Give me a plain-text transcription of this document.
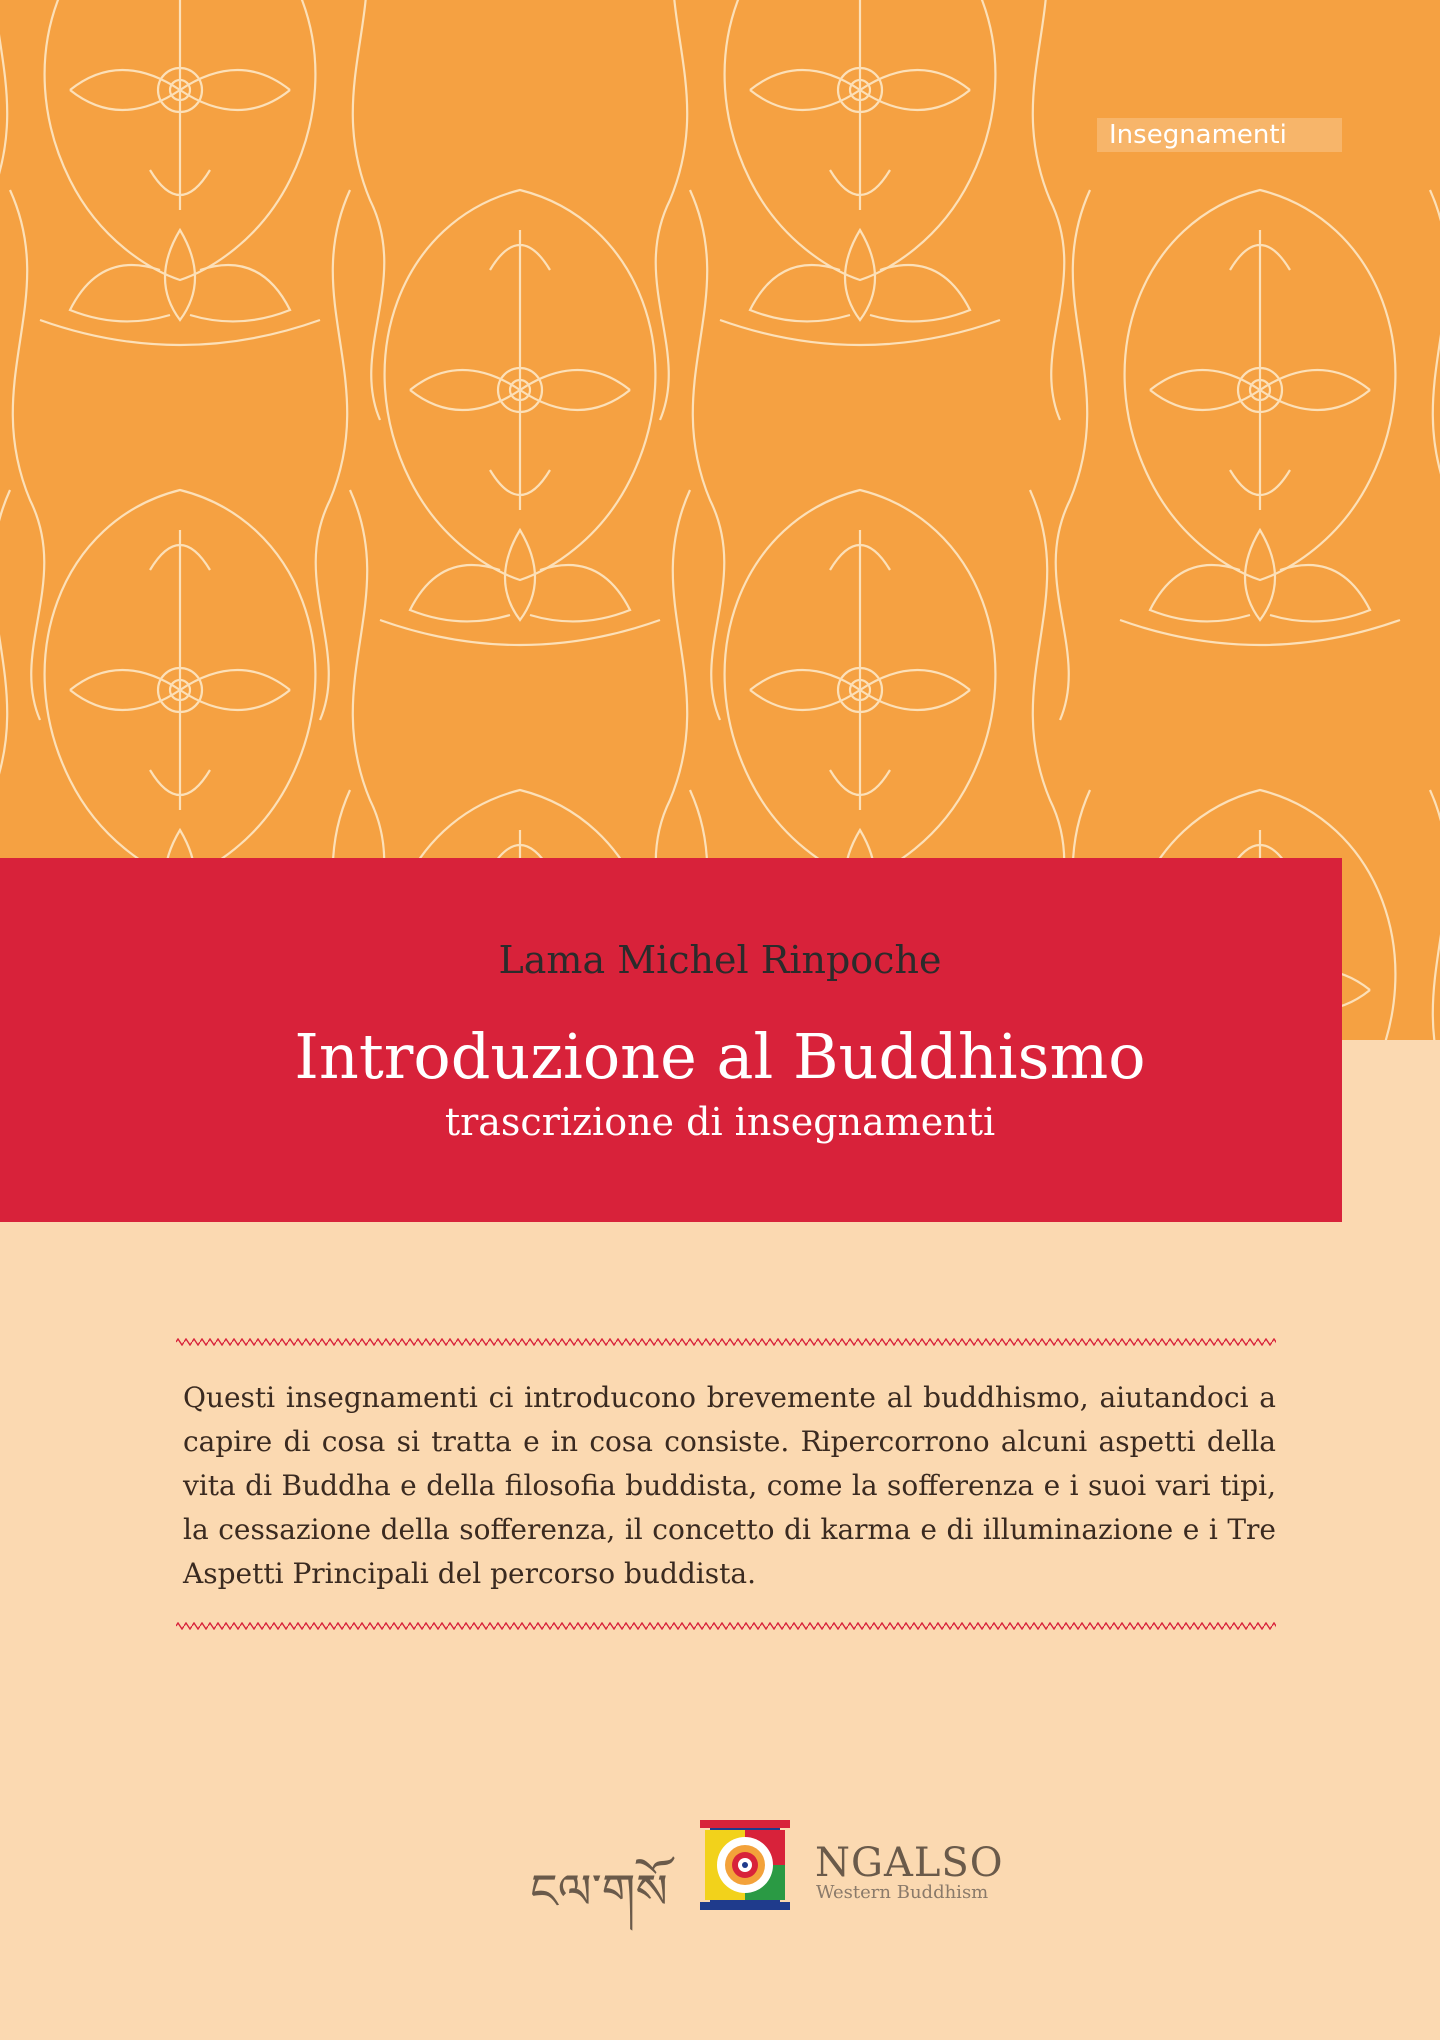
Insegnamenti
Lama Michel Rinpoche
Introduzione al Buddhismo
trascrizione di insegnamenti
Questi insegnamenti ci introducono brevemente al buddhismo, aiutandoci a capire di cosa si tratta e in cosa consiste. Ripercorrono alcuni aspetti della vita di Buddha e della filosofia buddista, come la sofferenza e i suoi vari tipi, la cessazione della sofferenza, il concetto di karma e di illuminazione e i Tre Aspetti Principali del percorso buddista.
ངལ་གསོ
NGALSO
Western Buddhism
